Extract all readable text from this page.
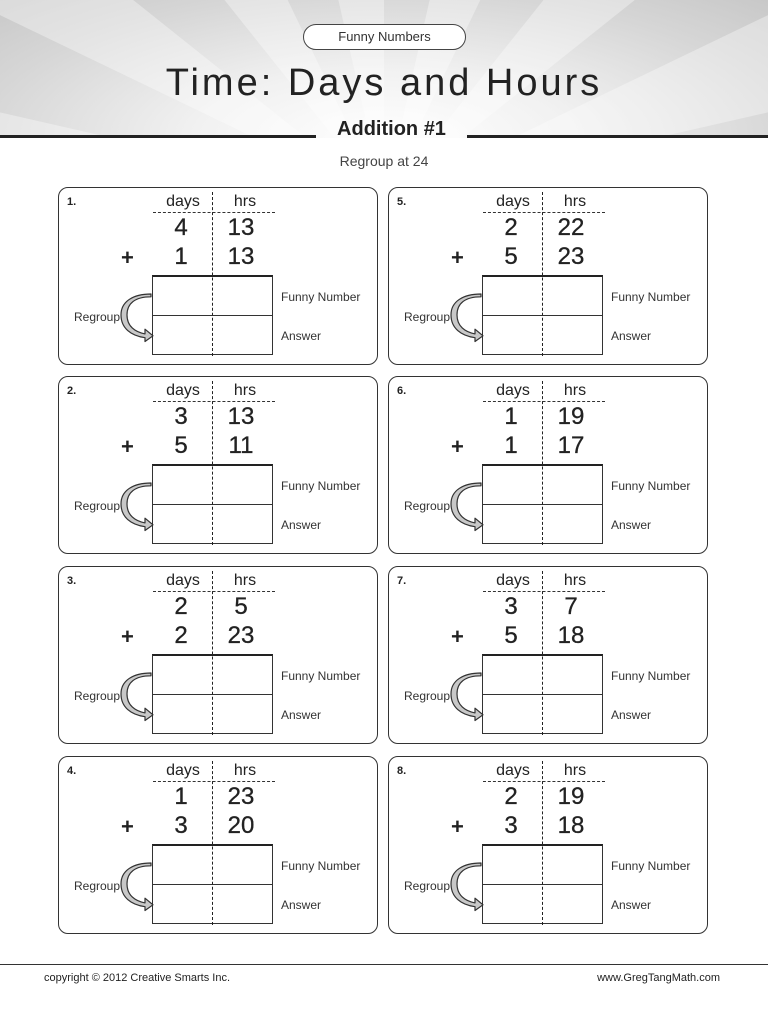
Funny Numbers
Time: Days and Hours
Addition #1
Regroup at 24
1.	days	hrs
4	13
+	1	13
Funny Number
Answer
Regroup
2.	days	hrs
3	13
+	5	11
Funny Number
Answer
Regroup
3.	days	hrs
2	5
+	2	23
Funny Number
Answer
Regroup
4.	days	hrs
1	23
+	3	20
Funny Number
Answer
Regroup
5.	days	hrs
2	22
+	5	23
Funny Number
Answer
Regroup
6.	days	hrs
1	19
+	1	17
Funny Number
Answer
Regroup
7.	days	hrs
3	7
+	5	18
Funny Number
Answer
Regroup
8.	days	hrs
2	19
+	3	18
Funny Number
Answer
Regroup
copyright © 2012 Creative Smarts Inc.	www.GregTangMath.com
